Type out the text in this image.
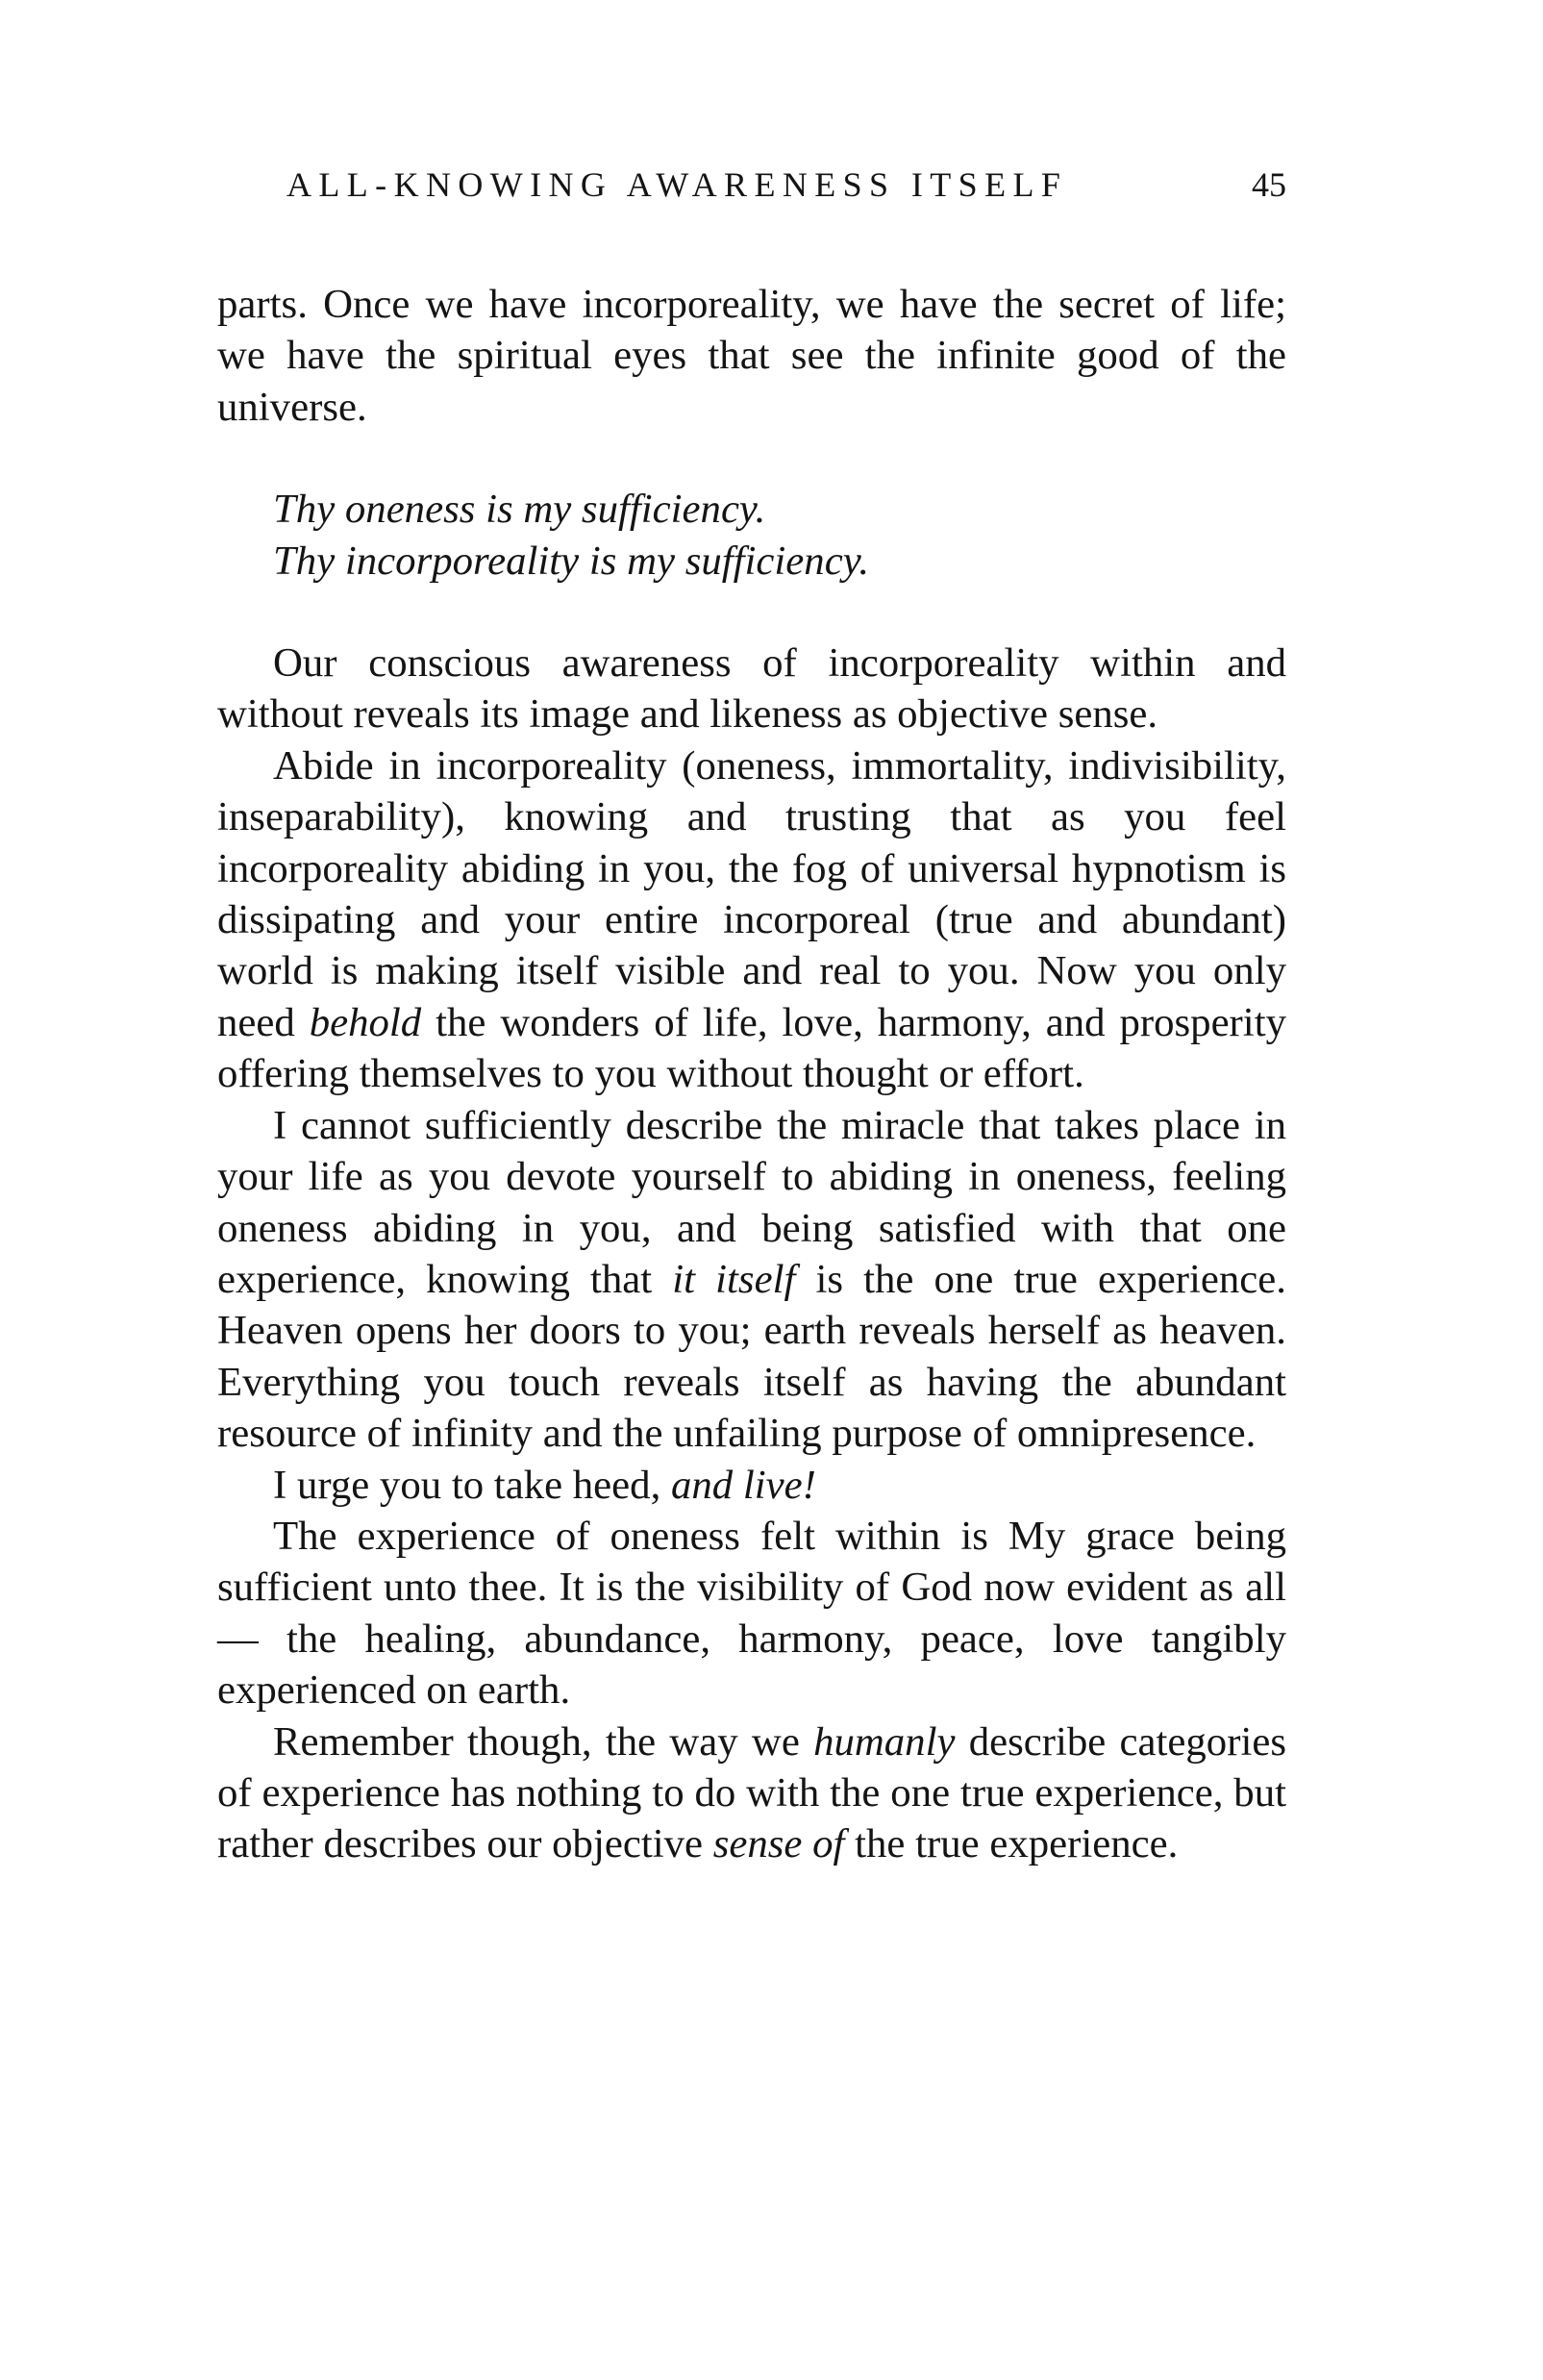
ALL-KNOWING AWARENESS ITSELF	45

parts. Once we have incorporeality, we have the secret of life; we have the spiritual eyes that see the infinite good of the universe.

Thy oneness is my sufficiency.
Thy incorporeality is my sufficiency.

Our conscious awareness of incorporeality within and without reveals its image and likeness as objective sense.

Abide in incorporeality (oneness, immortality, indivisibility, inseparability), knowing and trusting that as you feel incorporeality abiding in you, the fog of universal hypnotism is dissipating and your entire incorporeal (true and abundant) world is making itself visible and real to you. Now you only need behold the wonders of life, love, harmony, and prosperity offering themselves to you without thought or effort.

I cannot sufficiently describe the miracle that takes place in your life as you devote yourself to abiding in oneness, feeling oneness abiding in you, and being satisfied with that one experience, knowing that it itself is the one true experience. Heaven opens her doors to you; earth reveals herself as heaven. Everything you touch reveals itself as having the abundant resource of infinity and the unfailing purpose of omnipresence.

I urge you to take heed, and live!

The experience of oneness felt within is My grace being sufficient unto thee. It is the visibility of God now evident as all — the healing, abundance, harmony, peace, love tangibly experienced on earth.

Remember though, the way we humanly describe categories of experience has nothing to do with the one true experience, but rather describes our objective sense of the true experience.
